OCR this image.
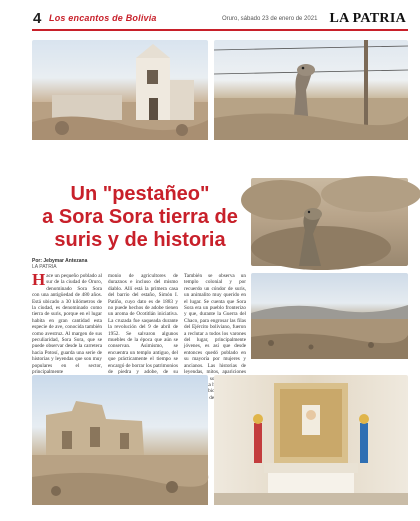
4 Los encantos de Bolivia	Oruro, sábado 23 de enero de 2021 LA PATRIA
Un "pestañeo"
a Sora Sora tierra de
suris y de historia
Por: Jebymar Antezana
LA PATRIA
H ace un pequeño poblado al sur de la ciudad de Oruro, denominado Sora Sora con una antigüedad de 480 años. Está ubicado a 30 kilómetros de la ciudad, es denominado como tierra de suris, porque en el lugar habita en gran cantidad esta especie de ave, conocida también como avestruz. Al margen de sus peculiaridad, Sora Sora, que se puede observar desde la carretera hacia Potosí, guarda una serie de historias y leyendas que son muy populares en el sector, principalmente
monio de agricultores de duraznos e incluso del mismo diablo. Allí está la primera casa del barrio del estaño, Simón I. Patiño, cuyo dato es de 1883 y no puede hechos de adobe tienen un aroma de Ocotitlán iniciativa. La cruzada fue saqueada durante la revolución del 9 de abril de 1952. Se salvaron algunos muebles de la época que aún se conservan. Asimismo, se encuentra un templo antiguo, del que prácticamente el tiempo se encargó de borrar los patrimonios de piedra y adobe, de su
También se observa un templo colonial y por recuerdo un cóndor de suris, un animalito muy querido en el lugar. Se cuenta que Sora Sora era un pueblo fronterizo y que, durante la Guerra del Chaco, para engrosar las filas del Ejército boliviano, fueron a reclutar a todos los varones del lugar, principalmente jóvenes, es así que desde entonces quedó poblado en su mayoría por mujeres y ancianos. Las historias de leyendas, mitos, apariciones de
